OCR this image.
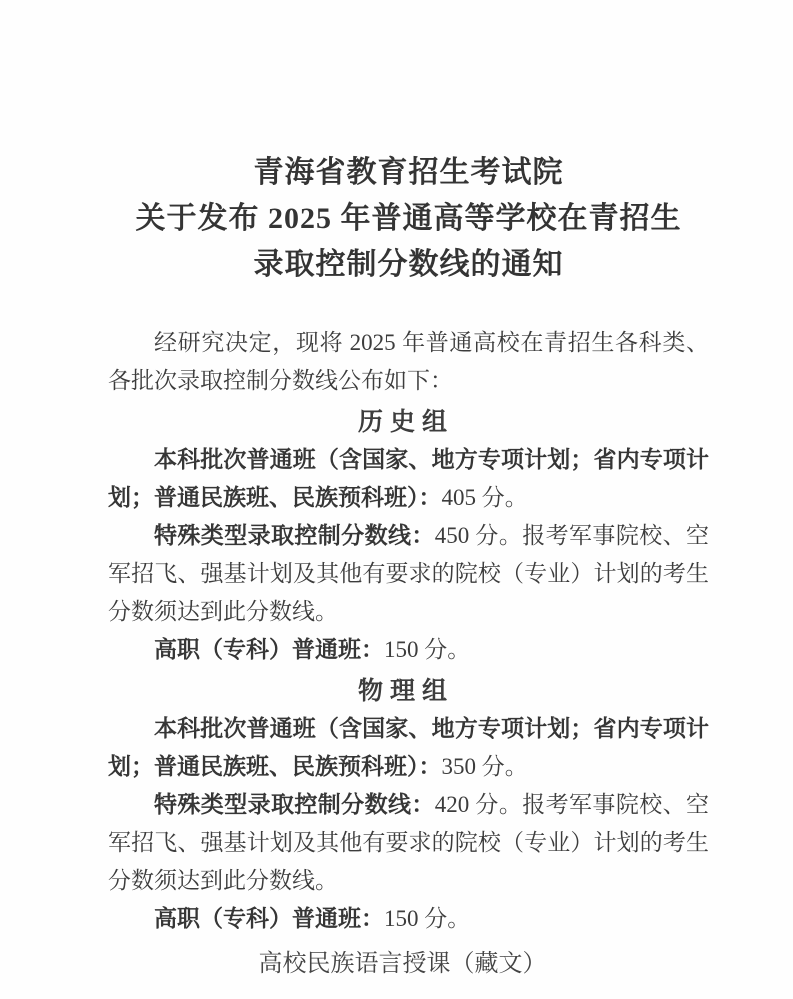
青海省教育招生考试院
关于发布 2025 年普通高等学校在青招生
录取控制分数线的通知

经研究决定，现将 2025 年普通高校在青招生各科类、各批次录取控制分数线公布如下：

历 史 组

本科批次普通班（含国家、地方专项计划；省内专项计划；普通民族班、民族预科班）：405 分。

特殊类型录取控制分数线：450 分。报考军事院校、空军招飞、强基计划及其他有要求的院校（专业）计划的考生分数须达到此分数线。

高职（专科）普通班：150 分。

物 理 组

本科批次普通班（含国家、地方专项计划；省内专项计划；普通民族班、民族预科班）：350 分。

特殊类型录取控制分数线：420 分。报考军事院校、空军招飞、强基计划及其他有要求的院校（专业）计划的考生分数须达到此分数线。

高职（专科）普通班：150 分。

高校民族语言授课（藏文）
